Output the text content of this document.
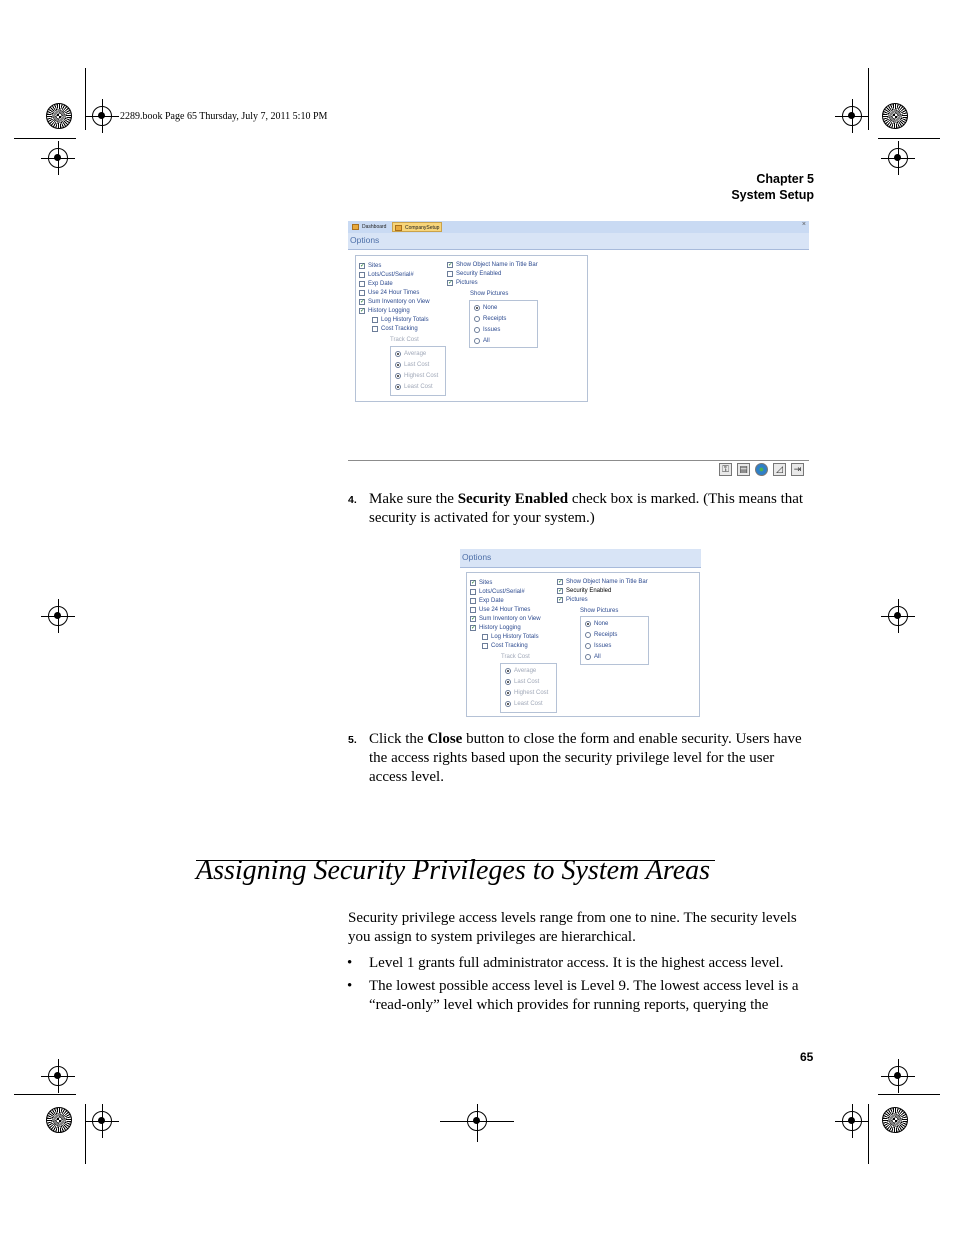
2289.book Page 65 Thursday, July 7, 2011 5:10 PM
Chapter 5
System Setup
Dashboard	CompanySetup	×
Options
✓
Sites
Lots/Cust/Serial#
Exp Date
Use 24 Hour Times
✓
Sum Inventory on View
✓
History Logging
Log History Totals
Cost Tracking
Track Cost
Average
Last Cost
Highest Cost
Least Cost
✓
Show Object Name in Title Bar
Security Enabled
✓
Pictures
Show Pictures
None
Receipts
Issues
All
⚿	▤	●	◿	⇥
4. Make sure the Security Enabled check box is marked. (This means that security is activated for your system.)
Options
✓
Sites
Lots/Cust/Serial#
Exp Date
Use 24 Hour Times
✓
Sum Inventory on View
✓
History Logging
Log History Totals
Cost Tracking
Track Cost
Average
Last Cost
Highest Cost
Least Cost
✓
Show Object Name in Title Bar
✓
Security Enabled
✓
Pictures
Show Pictures
None
Receipts
Issues
All
5. Click the Close button to close the form and enable security. Users have the access rights based upon the security privilege level for the user access level.
Assigning Security Privileges to System Areas
Security privilege access levels range from one to nine. The security levels you assign to system privileges are hierarchical.
• Level 1 grants full administrator access. It is the highest access level.
• The lowest possible access level is Level 9. The lowest access level is a “read-only” level which provides for running reports, querying the
65
